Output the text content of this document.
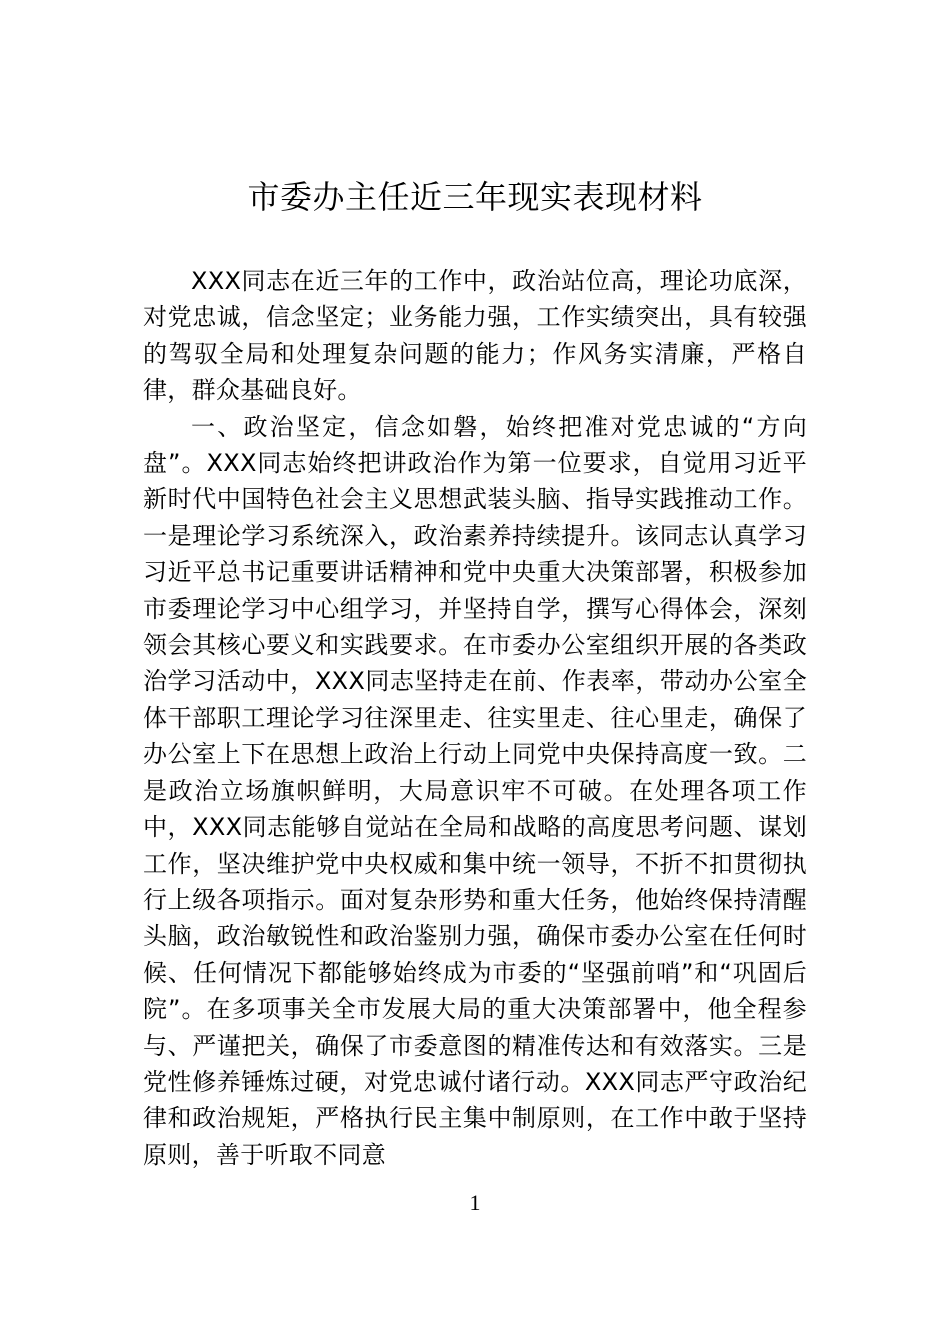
市委办主任近三年现实表现材料

XXX同志在近三年的工作中，政治站位高，理论功底深，对党忠诚，信念坚定；业务能力强，工作实绩突出，具有较强的驾驭全局和处理复杂问题的能力；作风务实清廉，严格自律，群众基础良好。

一、政治坚定，信念如磐，始终把准对党忠诚的“方向盘”。XXX同志始终把讲政治作为第一位要求，自觉用习近平新时代中国特色社会主义思想武装头脑、指导实践推动工作。一是理论学习系统深入，政治素养持续提升。该同志认真学习习近平总书记重要讲话精神和党中央重大决策部署，积极参加市委理论学习中心组学习，并坚持自学，撰写心得体会，深刻领会其核心要义和实践要求。在市委办公室组织开展的各类政治学习活动中，XXX同志坚持走在前、作表率，带动办公室全体干部职工理论学习往深里走、往实里走、往心里走，确保了办公室上下在思想上政治上行动上同党中央保持高度一致。二是政治立场旗帜鲜明，大局意识牢不可破。在处理各项工作中，XXX同志能够自觉站在全局和战略的高度思考问题、谋划工作，坚决维护党中央权威和集中统一领导，不折不扣贯彻执行上级各项指示。面对复杂形势和重大任务，他始终保持清醒头脑，政治敏锐性和政治鉴别力强，确保市委办公室在任何时候、任何情况下都能够始终成为市委的“坚强前哨”和“巩固后院”。在多项事关全市发展大局的重大决策部署中，他全程参与、严谨把关，确保了市委意图的精准传达和有效落实。三是党性修养锤炼过硬，对党忠诚付诸行动。XXX同志严守政治纪律和政治规矩，严格执行民主集中制原则，在工作中敢于坚持原则，善于听取不同意

1
